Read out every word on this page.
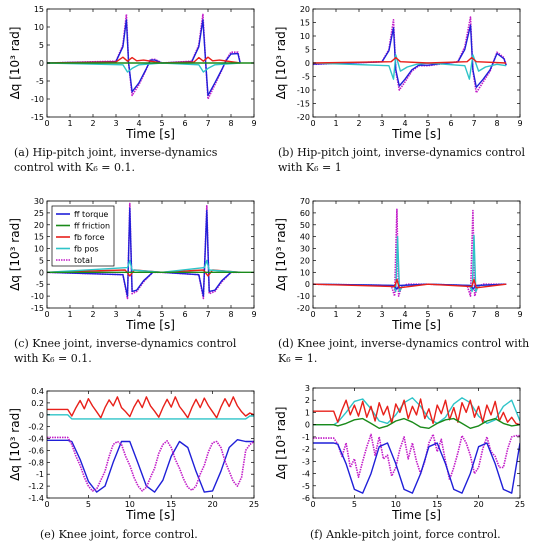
0 1 2 3 4 5 6 7 8 9
-15
-10
-5
0
5
10
15
Time [s]
Δq [10³ rad]
0 1 2 3 4 5 6 7 8 9
-20
-15
-10
-5
0
5
10
15
20
Time [s]
Δq [10³ rad]
0 1 2 3 4 5 6 7 8 9
-15
-10
-5
0
5
10
15
20
25
30
Time [s]
Δq [10³ rad]
ff torque
ff friction
fb force
fb pos
total
0 1 2 3 4 5 6 7 8 9
-20
-10
0
10
20
30
40
50
60
70
Time [s]
Δq [10³ rad]
0	5	10	15	20	25
-1.4
-1.2
-1
-0.8
-0.6
-0.4
-0.2
0
0.2
0.4
Time [s]
Δq [10³ rad]
0	5	10	15	20	25
-6
-5
-4
-3
-2
-1
0
1
2
3
Time [s]
Δq [10³ rad]
(a) Hip-pitch joint, inverse-dynamics control with K₆ = 0.1.
(b) Hip-pitch joint, inverse-dynamics control with K₆ = 1
(c) Knee joint, inverse-dynamics control with K₆ = 0.1.
(d) Knee joint, inverse-dynamics control with K₆ = 1.
(e) Knee joint, force control.	(f) Ankle-pitch joint, force control.
